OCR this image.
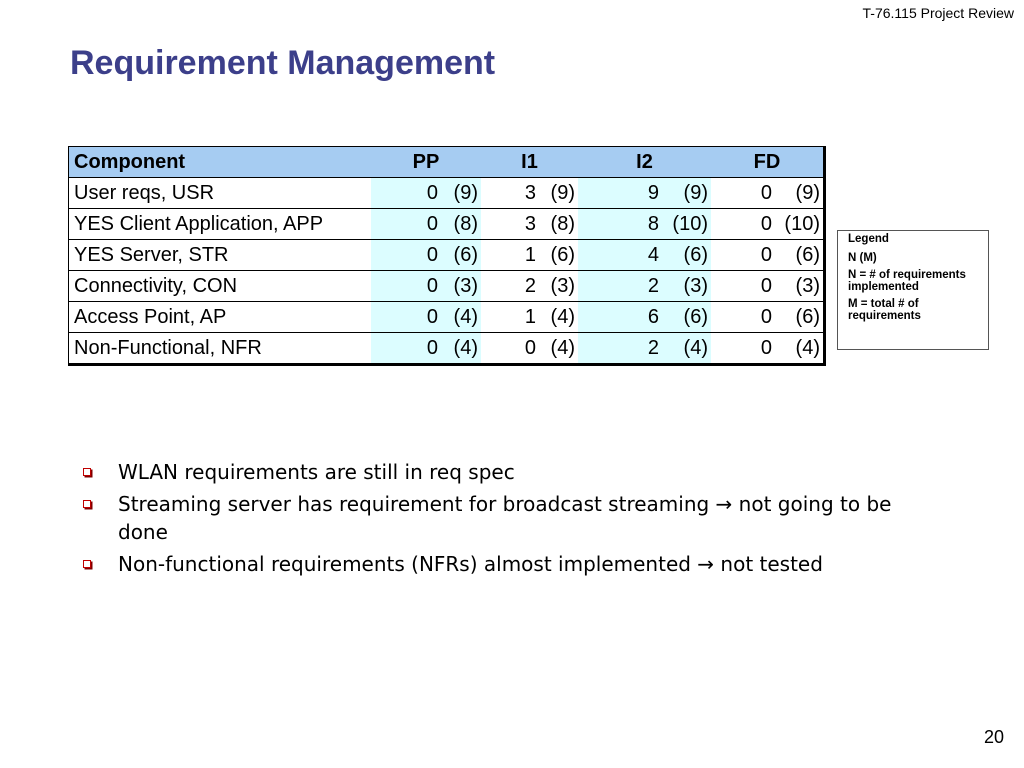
T-76.115 Project Review
Requirement Management
Component	PP		I1		I2		FD	
User reqs, USR	0	(9)	3	(9)	9	(9)	0	(9)
YES Client Application, APP	0	(8)	3	(8)	8	(10)	0	(10)
YES Server, STR	0	(6)	1	(6)	4	(6)	0	(6)
Connectivity, CON	0	(3)	2	(3)	2	(3)	0	(3)
Access Point, AP	0	(4)	1	(4)	6	(6)	0	(6)
Non-Functional, NFR	0	(4)	0	(4)	2	(4)	0	(4)
Legend
N (M)
N = # of requirements implemented
M = total # of requirements
WLAN requirements are still in req spec
Streaming server has requirement for broadcast streaming → not going to be done
Non-functional requirements (NFRs) almost implemented → not tested
20
